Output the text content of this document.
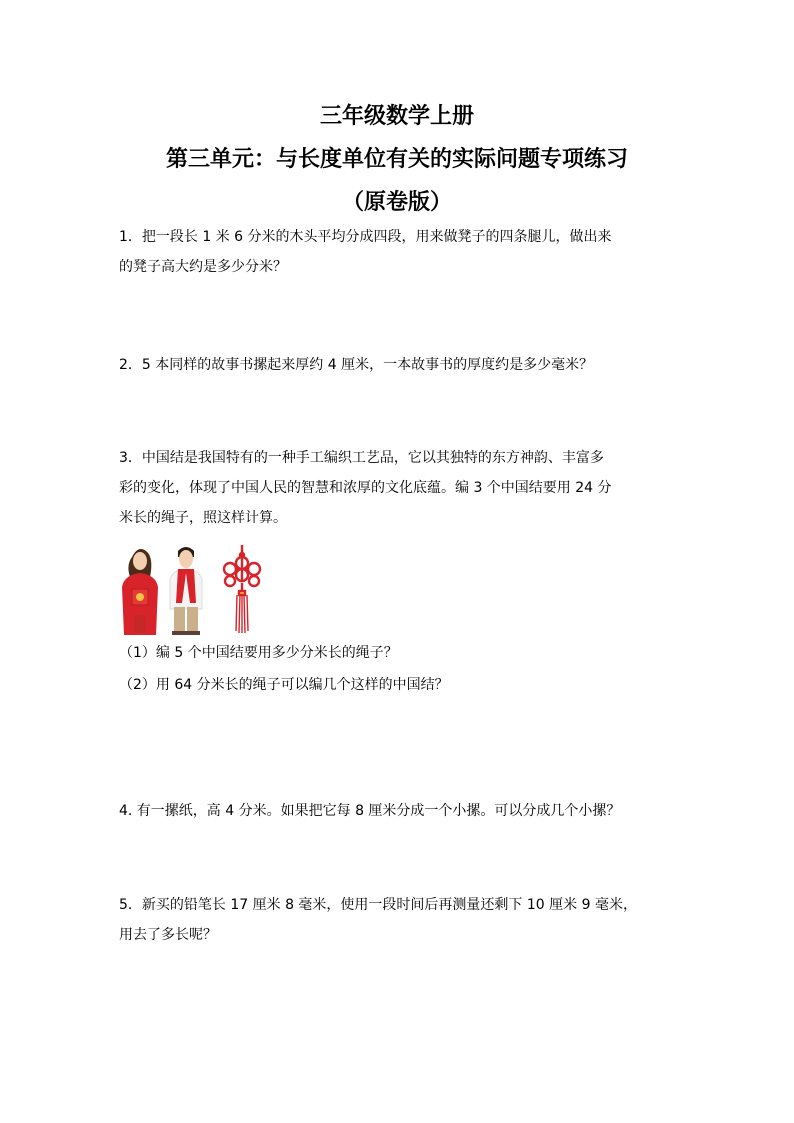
三年级数学上册
第三单元：与长度单位有关的实际问题专项练习
（原卷版）

1．把一段长 1 米 6 分米的木头平均分成四段，用来做凳子的四条腿儿，做出来

的凳子高大约是多少分米？

2．5 本同样的故事书摞起来厚约 4 厘米，一本故事书的厚度约是多少毫米？

3．中国结是我国特有的一种手工编织工艺品，它以其独特的东方神韵、丰富多

彩的变化，体现了中国人民的智慧和浓厚的文化底蕴。编 3 个中国结要用 24 分

米长的绳子，照这样计算。

（1）编 5 个中国结要用多少分米长的绳子？
（2）用 64 分米长的绳子可以编几个这样的中国结？

4. 有一摞纸，高 4 分米。如果把它每 8 厘米分成一个小摞。可以分成几个小摞？

5．新买的铅笔长 17 厘米 8 毫米，使用一段时间后再测量还剩下 10 厘米 9 毫米，

用去了多长呢？
